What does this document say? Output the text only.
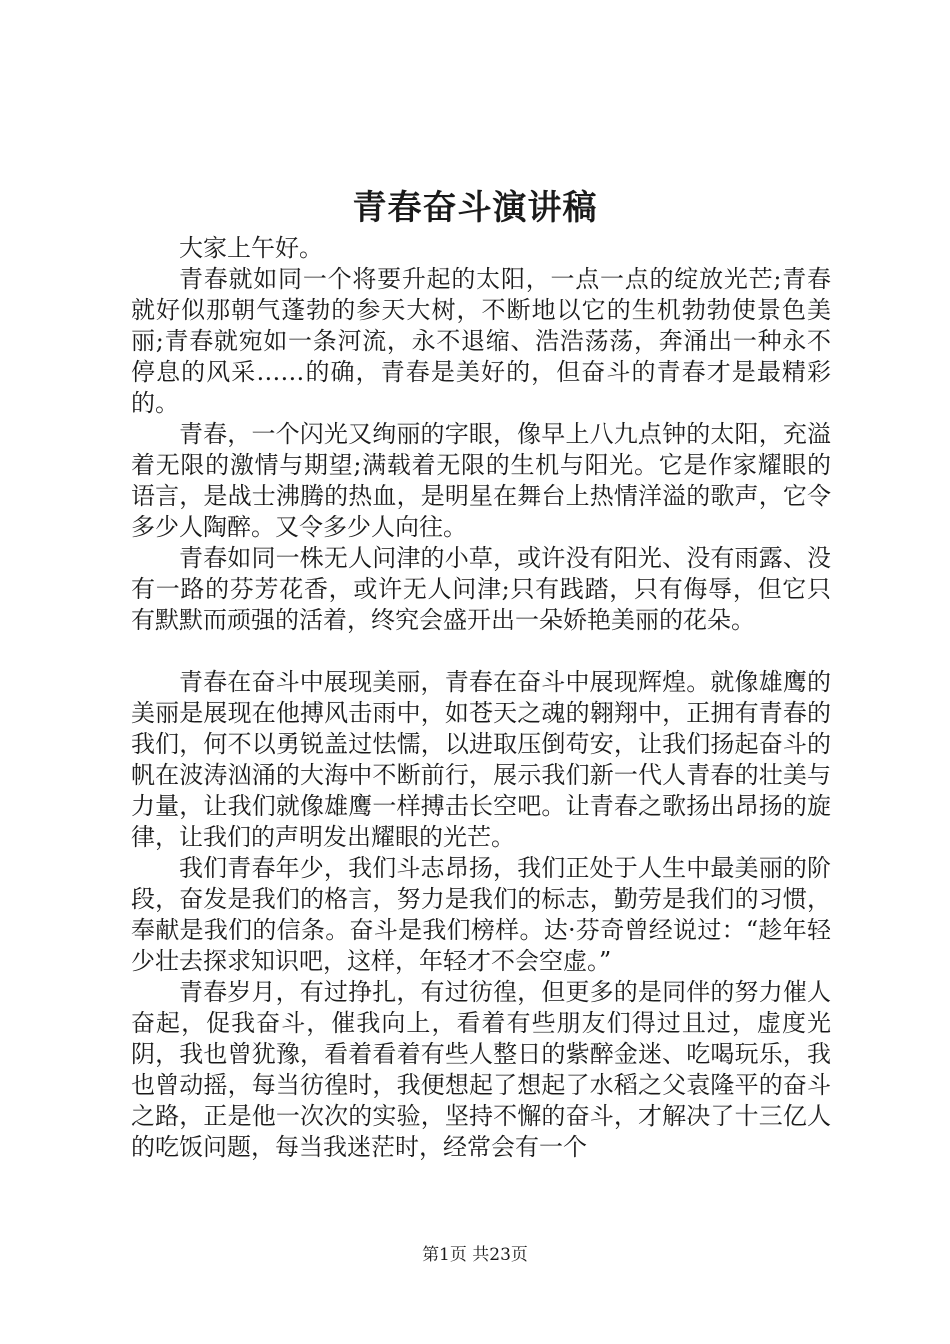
青春奋斗演讲稿

大家上午好。

青春就如同一个将要升起的太阳，一点一点的绽放光芒;青春就好似那朝气蓬勃的参天大树，不断地以它的生机勃勃使景色美丽;青春就宛如一条河流，永不退缩、浩浩荡荡，奔涌出一种永不停息的风采……的确，青春是美好的，但奋斗的青春才是最精彩的。

青春，一个闪光又绚丽的字眼，像早上八九点钟的太阳，充溢着无限的激情与期望;满载着无限的生机与阳光。它是作家耀眼的语言，是战士沸腾的热血，是明星在舞台上热情洋溢的歌声，它令多少人陶醉。又令多少人向往。

青春如同一株无人问津的小草，或许没有阳光、没有雨露、没有一路的芬芳花香，或许无人问津;只有践踏，只有侮辱，但它只有默默而顽强的活着，终究会盛开出一朵娇艳美丽的花朵。

青春在奋斗中展现美丽，青春在奋斗中展现辉煌。就像雄鹰的美丽是展现在他搏风击雨中，如苍天之魂的翱翔中，正拥有青春的我们，何不以勇锐盖过怯懦，以进取压倒苟安，让我们扬起奋斗的帆在波涛汹涌的大海中不断前行，展示我们新一代人青春的壮美与力量，让我们就像雄鹰一样搏击长空吧。让青春之歌扬出昂扬的旋律，让我们的声明发出耀眼的光芒。

我们青春年少，我们斗志昂扬，我们正处于人生中最美丽的阶段，奋发是我们的格言，努力是我们的标志，勤劳是我们的习惯，奉献是我们的信条。奋斗是我们榜样。达·芬奇曾经说过：“趁年轻少壮去探求知识吧，这样，年轻才不会空虚。”

青春岁月，有过挣扎，有过彷徨，但更多的是同伴的努力催人奋起，促我奋斗，催我向上，看着有些朋友们得过且过，虚度光阴，我也曾犹豫，看着看着有些人整日的紫醉金迷、吃喝玩乐，我也曾动摇，每当彷徨时，我便想起了想起了水稻之父袁隆平的奋斗之路，正是他一次次的实验，坚持不懈的奋斗，才解决了十三亿人的吃饭问题，每当我迷茫时，经常会有一个

第1页 共23页
